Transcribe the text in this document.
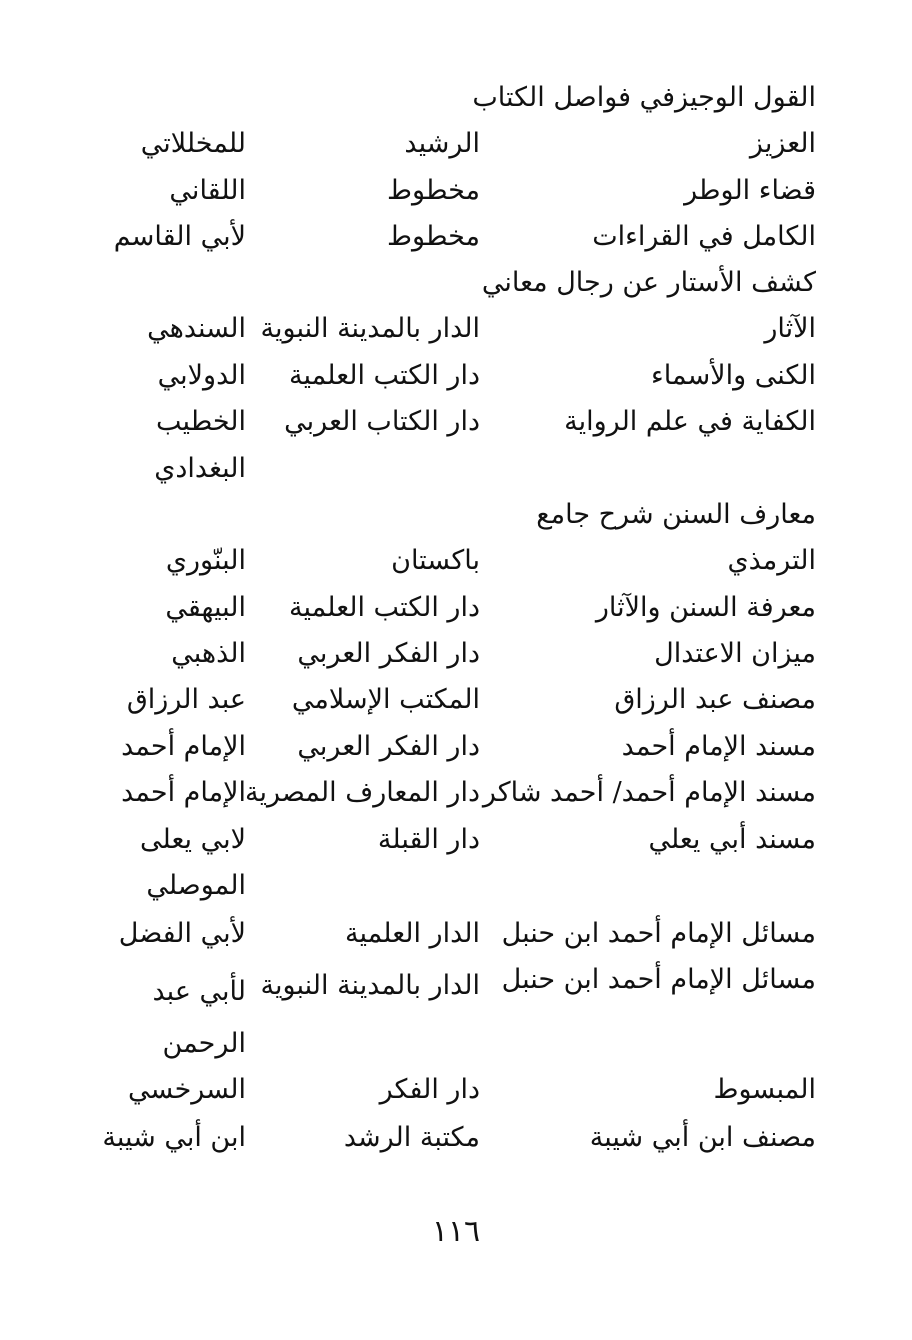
القول الوجيزفي فواصل الكتاب
العزيز
الرشيد
للمخللاتي
قضاء الوطر
مخطوط
اللقاني
الكامل في القراءات
مخطوط
لأبي القاسم
كشف الأستار عن رجال معاني
الآثار
الدار بالمدينة النبوية
السندهي
الكنى والأسماء
دار الكتب العلمية
الدولابي
الكفاية في علم الرواية
دار الكتاب العربي
الخطيب
البغدادي
معارف السنن شرح جامع
الترمذي
باكستان
البنّوري
معرفة السنن والآثار
دار الكتب العلمية
البيهقي
ميزان الاعتدال
دار الفكر العربي
الذهبي
مصنف عبد الرزاق
المكتب الإسلامي
عبد الرزاق
مسند الإمام أحمد
دار الفكر العربي
الإمام أحمد
مسند الإمام أحمد/ أحمد شاكر
دار المعارف المصرية
الإمام أحمد
مسند أبي يعلي
دار القبلة
لابي يعلى
الموصلي
مسائل الإمام أحمد ابن حنبل
الدار العلمية
لأبي الفضل
مسائل الإمام أحمد ابن حنبل
الدار بالمدينة النبوية
لأبي عبد
الرحمن
المبسوط
دار الفكر
السرخسي
مصنف ابن أبي شيبة
مكتبة الرشد
ابن أبي شيبة
١١٦
